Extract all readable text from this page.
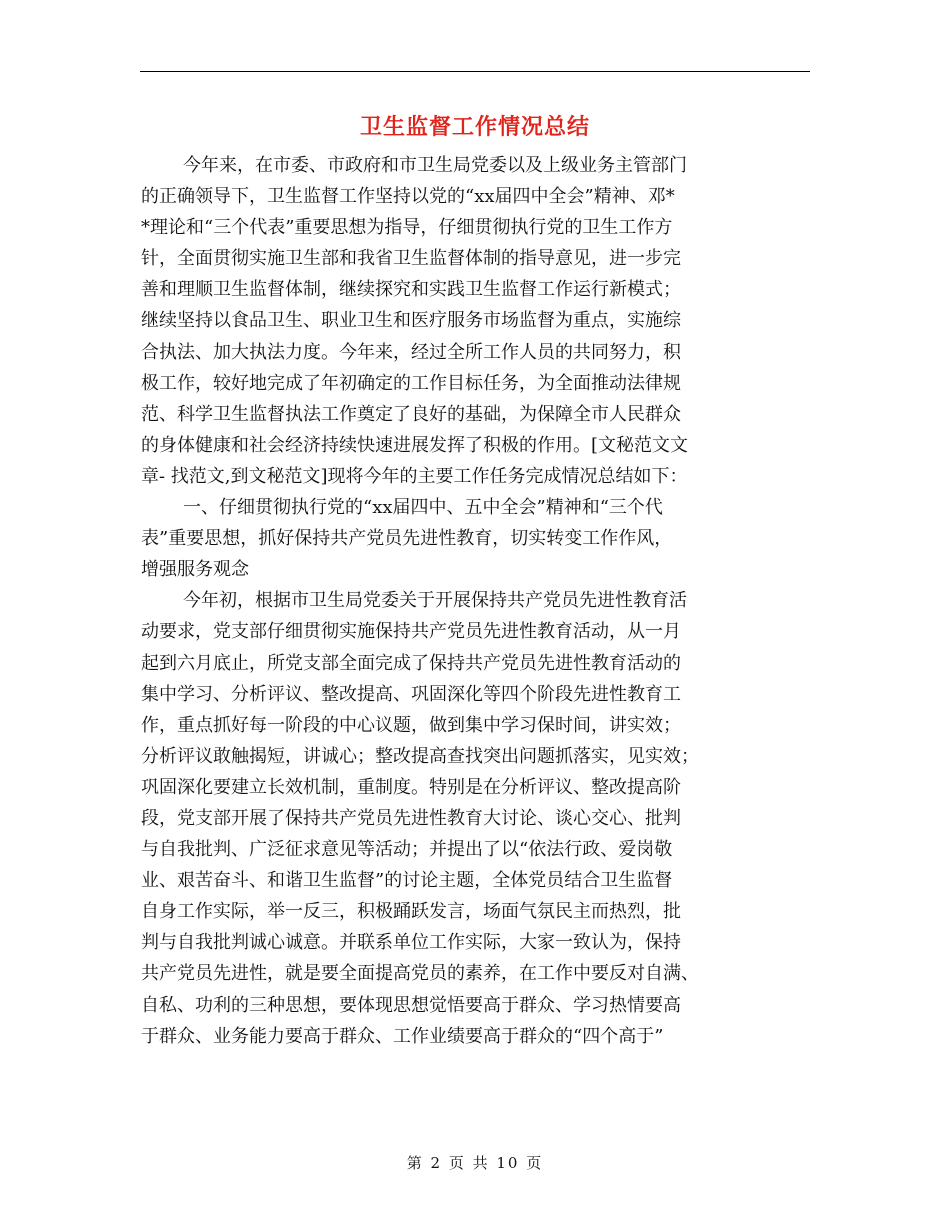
卫生监督工作情况总结
今年来，在市委、市政府和市卫生局党委以及上级业务主管部门
的正确领导下，卫生监督工作坚持以党的“xx届四中全会”精神、邓*
*理论和“三个代表”重要思想为指导，仔细贯彻执行党的卫生工作方
针，全面贯彻实施卫生部和我省卫生监督体制的指导意见，进一步完
善和理顺卫生监督体制，继续探究和实践卫生监督工作运行新模式；
继续坚持以食品卫生、职业卫生和医疗服务市场监督为重点，实施综
合执法、加大执法力度。今年来，经过全所工作人员的共同努力，积
极工作，较好地完成了年初确定的工作目标任务，为全面推动法律规
范、科学卫生监督执法工作奠定了良好的基础，为保障全市人民群众
的身体健康和社会经济持续快速进展发挥了积极的作用。[文秘范文文
章- 找范文,到文秘范文]现将今年的主要工作任务完成情况总结如下：
一、仔细贯彻执行党的“xx届四中、五中全会”精神和“三个代
表”重要思想，抓好保持共产党员先进性教育，切实转变工作作风，
增强服务观念
今年初，根据市卫生局党委关于开展保持共产党员先进性教育活
动要求，党支部仔细贯彻实施保持共产党员先进性教育活动，从一月
起到六月底止，所党支部全面完成了保持共产党员先进性教育活动的
集中学习、分析评议、整改提高、巩固深化等四个阶段先进性教育工
作，重点抓好每一阶段的中心议题，做到集中学习保时间，讲实效；
分析评议敢触揭短，讲诚心；整改提高查找突出问题抓落实，见实效；
巩固深化要建立长效机制，重制度。特别是在分析评议、整改提高阶
段，党支部开展了保持共产党员先进性教育大讨论、谈心交心、批判
与自我批判、广泛征求意见等活动；并提出了以“依法行政、爱岗敬
业、艰苦奋斗、和谐卫生监督”的讨论主题，全体党员结合卫生监督
自身工作实际，举一反三，积极踊跃发言，场面气氛民主而热烈，批
判与自我批判诚心诚意。并联系单位工作实际，大家一致认为，保持
共产党员先进性，就是要全面提高党员的素养，在工作中要反对自满、
自私、功利的三种思想，要体现思想觉悟要高于群众、学习热情要高
于群众、业务能力要高于群众、工作业绩要高于群众的“四个高于”
第 2 页 共 10 页
